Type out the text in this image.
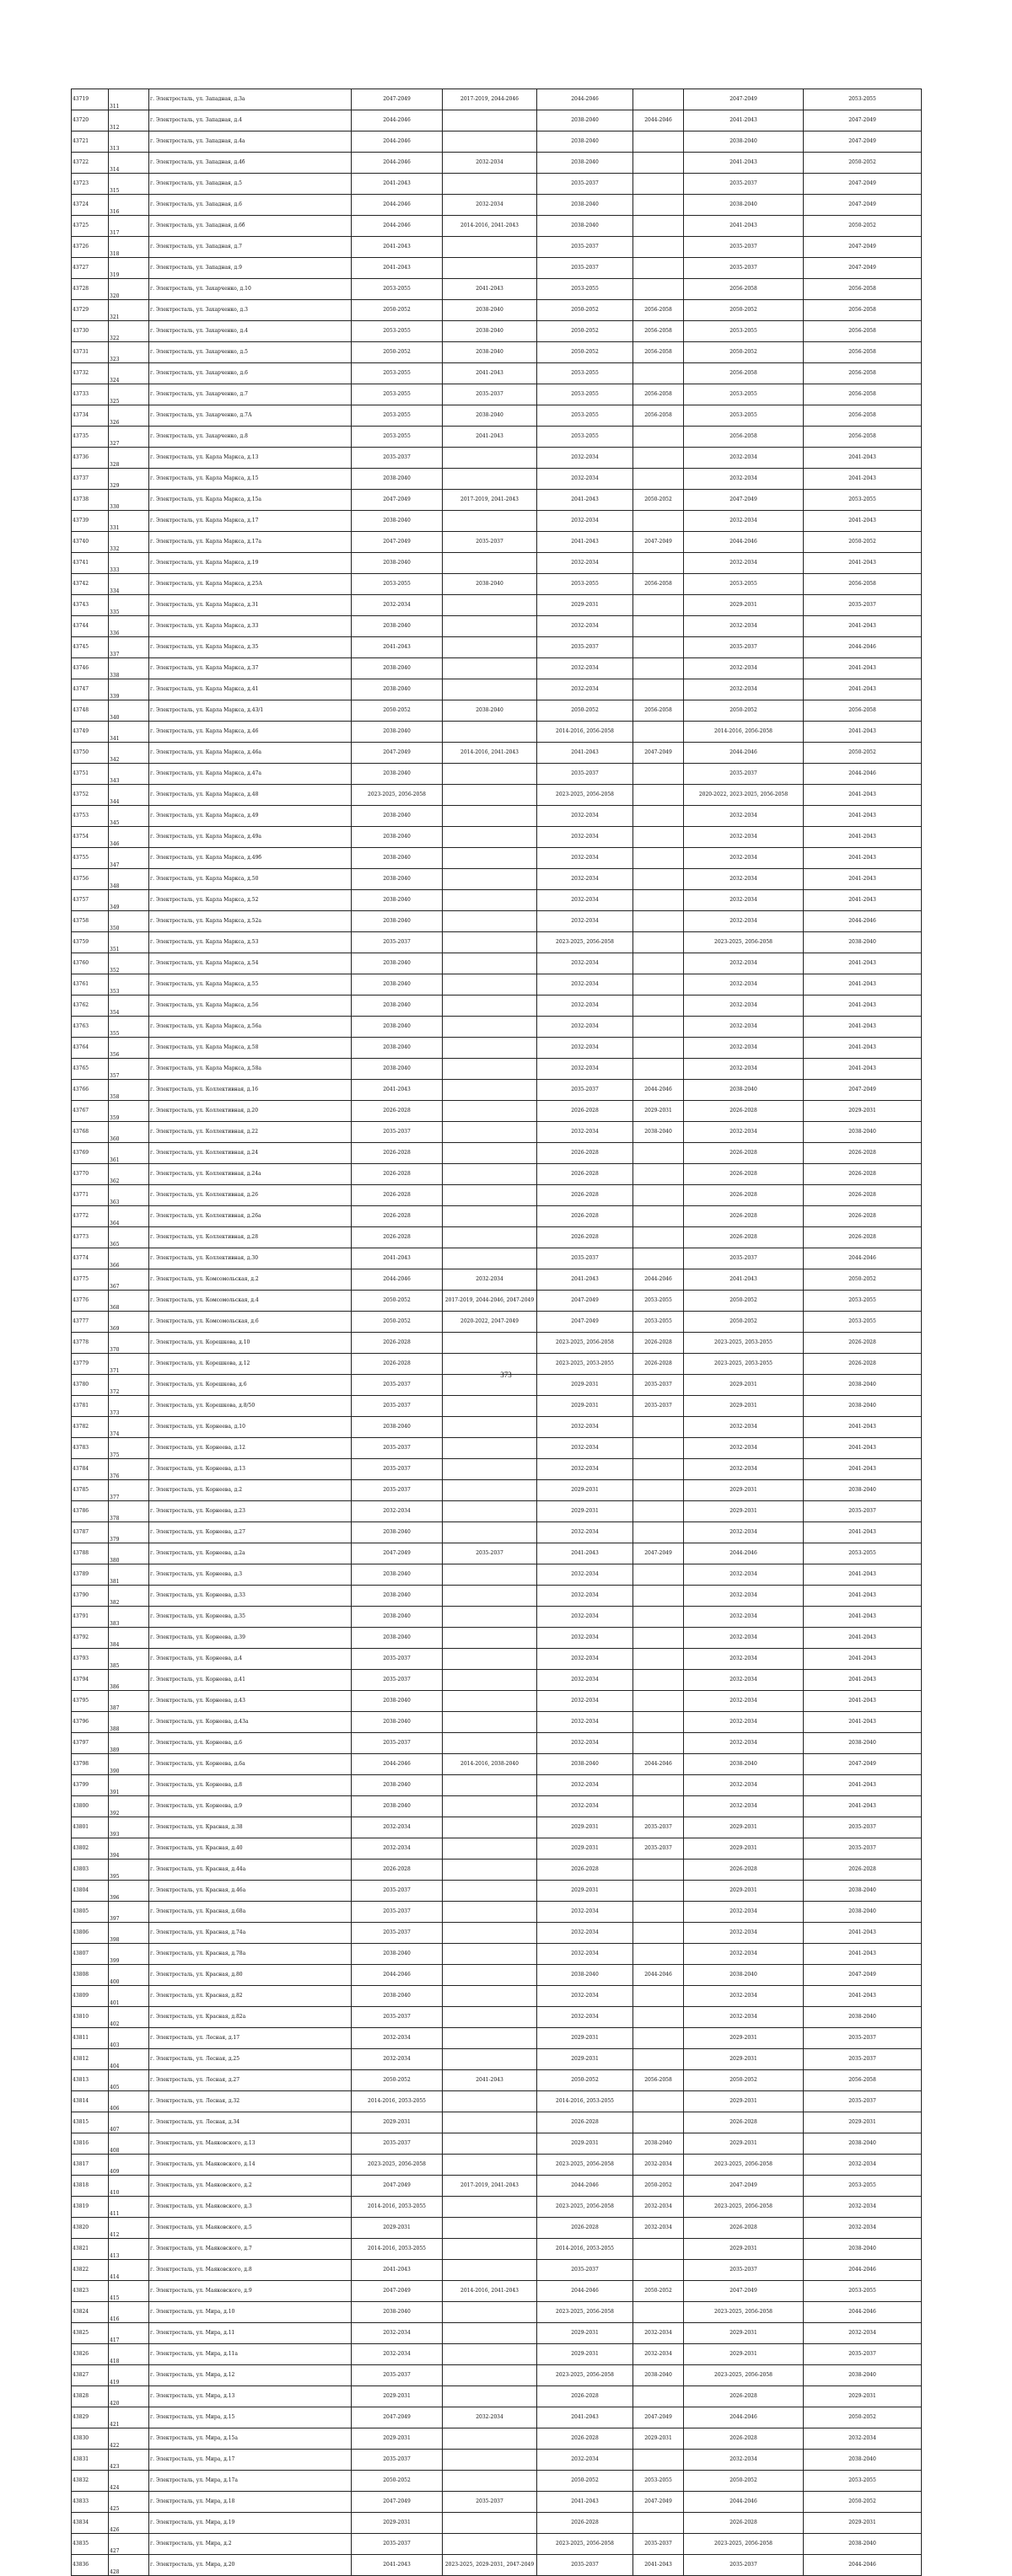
43719	311	г. Электросталь, ул. Западная, д.3а	2047-2049	2017-2019, 2044-2046	2044-2046		2047-2049	2053-2055
43720	312	г. Электросталь, ул. Западная, д.4	2044-2046		2038-2040	2044-2046	2041-2043	2047-2049
43721	313	г. Электросталь, ул. Западная, д.4а	2044-2046		2038-2040		2038-2040	2047-2049
43722	314	г. Электросталь, ул. Западная, д.4б	2044-2046	2032-2034	2038-2040		2041-2043	2050-2052
43723	315	г. Электросталь, ул. Западная, д.5	2041-2043		2035-2037		2035-2037	2047-2049
43724	316	г. Электросталь, ул. Западная, д.6	2044-2046	2032-2034	2038-2040		2038-2040	2047-2049
43725	317	г. Электросталь, ул. Западная, д.6б	2044-2046	2014-2016, 2041-2043	2038-2040		2041-2043	2050-2052
43726	318	г. Электросталь, ул. Западная, д.7	2041-2043		2035-2037		2035-2037	2047-2049
43727	319	г. Электросталь, ул. Западная, д.9	2041-2043		2035-2037		2035-2037	2047-2049
43728	320	г. Электросталь, ул. Захарченко, д.10	2053-2055	2041-2043	2053-2055		2056-2058	2056-2058
43729	321	г. Электросталь, ул. Захарченко, д.3	2050-2052	2038-2040	2050-2052	2056-2058	2050-2052	2056-2058
43730	322	г. Электросталь, ул. Захарченко, д.4	2053-2055	2038-2040	2050-2052	2056-2058	2053-2055	2056-2058
43731	323	г. Электросталь, ул. Захарченко, д.5	2050-2052	2038-2040	2050-2052	2056-2058	2050-2052	2056-2058
43732	324	г. Электросталь, ул. Захарченко, д.6	2053-2055	2041-2043	2053-2055		2056-2058	2056-2058
43733	325	г. Электросталь, ул. Захарченко, д.7	2053-2055	2035-2037	2053-2055	2056-2058	2053-2055	2056-2058
43734	326	г. Электросталь, ул. Захарченко, д.7А	2053-2055	2038-2040	2053-2055	2056-2058	2053-2055	2056-2058
43735	327	г. Электросталь, ул. Захарченко, д.8	2053-2055	2041-2043	2053-2055		2056-2058	2056-2058
43736	328	г. Электросталь, ул. Карла Маркса, д.13	2035-2037		2032-2034		2032-2034	2041-2043
43737	329	г. Электросталь, ул. Карла Маркса, д.15	2038-2040		2032-2034		2032-2034	2041-2043
43738	330	г. Электросталь, ул. Карла Маркса, д.15а	2047-2049	2017-2019, 2041-2043	2041-2043	2050-2052	2047-2049	2053-2055
43739	331	г. Электросталь, ул. Карла Маркса, д.17	2038-2040		2032-2034		2032-2034	2041-2043
43740	332	г. Электросталь, ул. Карла Маркса, д.17а	2047-2049	2035-2037	2041-2043	2047-2049	2044-2046	2050-2052
43741	333	г. Электросталь, ул. Карла Маркса, д.19	2038-2040		2032-2034		2032-2034	2041-2043
43742	334	г. Электросталь, ул. Карла Маркса, д.25А	2053-2055	2038-2040	2053-2055	2056-2058	2053-2055	2056-2058
43743	335	г. Электросталь, ул. Карла Маркса, д.31	2032-2034		2029-2031		2029-2031	2035-2037
43744	336	г. Электросталь, ул. Карла Маркса, д.33	2038-2040		2032-2034		2032-2034	2041-2043
43745	337	г. Электросталь, ул. Карла Маркса, д.35	2041-2043		2035-2037		2035-2037	2044-2046
43746	338	г. Электросталь, ул. Карла Маркса, д.37	2038-2040		2032-2034		2032-2034	2041-2043
43747	339	г. Электросталь, ул. Карла Маркса, д.41	2038-2040		2032-2034		2032-2034	2041-2043
43748	340	г. Электросталь, ул. Карла Маркса, д.43/1	2050-2052	2038-2040	2050-2052	2056-2058	2050-2052	2056-2058
43749	341	г. Электросталь, ул. Карла Маркса, д.46	2038-2040		2014-2016, 2056-2058		2014-2016, 2056-2058	2041-2043
43750	342	г. Электросталь, ул. Карла Маркса, д.46а	2047-2049	2014-2016, 2041-2043	2041-2043	2047-2049	2044-2046	2050-2052
43751	343	г. Электросталь, ул. Карла Маркса, д.47а	2038-2040		2035-2037		2035-2037	2044-2046
43752	344	г. Электросталь, ул. Карла Маркса, д.48	2023-2025, 2056-2058		2023-2025, 2056-2058		2020-2022, 2023-2025, 2056-2058	2041-2043
43753	345	г. Электросталь, ул. Карла Маркса, д.49	2038-2040		2032-2034		2032-2034	2041-2043
43754	346	г. Электросталь, ул. Карла Маркса, д.49а	2038-2040		2032-2034		2032-2034	2041-2043
43755	347	г. Электросталь, ул. Карла Маркса, д.49б	2038-2040		2032-2034		2032-2034	2041-2043
43756	348	г. Электросталь, ул. Карла Маркса, д.50	2038-2040		2032-2034		2032-2034	2041-2043
43757	349	г. Электросталь, ул. Карла Маркса, д.52	2038-2040		2032-2034		2032-2034	2041-2043
43758	350	г. Электросталь, ул. Карла Маркса, д.52а	2038-2040		2032-2034		2032-2034	2044-2046
43759	351	г. Электросталь, ул. Карла Маркса, д.53	2035-2037		2023-2025, 2056-2058		2023-2025, 2056-2058	2038-2040
43760	352	г. Электросталь, ул. Карла Маркса, д.54	2038-2040		2032-2034		2032-2034	2041-2043
43761	353	г. Электросталь, ул. Карла Маркса, д.55	2038-2040		2032-2034		2032-2034	2041-2043
43762	354	г. Электросталь, ул. Карла Маркса, д.56	2038-2040		2032-2034		2032-2034	2041-2043
43763	355	г. Электросталь, ул. Карла Маркса, д.56а	2038-2040		2032-2034		2032-2034	2041-2043
43764	356	г. Электросталь, ул. Карла Маркса, д.58	2038-2040		2032-2034		2032-2034	2041-2043
43765	357	г. Электросталь, ул. Карла Маркса, д.58а	2038-2040		2032-2034		2032-2034	2041-2043
43766	358	г. Электросталь, ул. Коллективная, д.16	2041-2043		2035-2037	2044-2046	2038-2040	2047-2049
43767	359	г. Электросталь, ул. Коллективная, д.20	2026-2028		2026-2028	2029-2031	2026-2028	2029-2031
43768	360	г. Электросталь, ул. Коллективная, д.22	2035-2037		2032-2034	2038-2040	2032-2034	2038-2040
43769	361	г. Электросталь, ул. Коллективная, д.24	2026-2028		2026-2028		2026-2028	2026-2028
43770	362	г. Электросталь, ул. Коллективная, д.24а	2026-2028		2026-2028		2026-2028	2026-2028
43771	363	г. Электросталь, ул. Коллективная, д.26	2026-2028		2026-2028		2026-2028	2026-2028
43772	364	г. Электросталь, ул. Коллективная, д.26а	2026-2028		2026-2028		2026-2028	2026-2028
43773	365	г. Электросталь, ул. Коллективная, д.28	2026-2028		2026-2028		2026-2028	2026-2028
43774	366	г. Электросталь, ул. Коллективная, д.30	2041-2043		2035-2037		2035-2037	2044-2046
43775	367	г. Электросталь, ул. Комсомольская, д.2	2044-2046	2032-2034	2041-2043	2044-2046	2041-2043	2050-2052
43776	368	г. Электросталь, ул. Комсомольская, д.4	2050-2052	2017-2019, 2044-2046, 2047-2049	2047-2049	2053-2055	2050-2052	2053-2055
43777	369	г. Электросталь, ул. Комсомольская, д.6	2050-2052	2020-2022, 2047-2049	2047-2049	2053-2055	2050-2052	2053-2055
43778	370	г. Электросталь, ул. Корешкова, д.10	2026-2028		2023-2025, 2056-2058	2026-2028	2023-2025, 2053-2055	2026-2028
43779	371	г. Электросталь, ул. Корешкова, д.12	2026-2028		2023-2025, 2053-2055	2026-2028	2023-2025, 2053-2055	2026-2028
43780	372	г. Электросталь, ул. Корешкова, д.6	2035-2037		2029-2031	2035-2037	2029-2031	2038-2040
43781	373	г. Электросталь, ул. Корешкова, д.8/50	2035-2037		2029-2031	2035-2037	2029-2031	2038-2040
43782	374	г. Электросталь, ул. Корнеева, д.10	2038-2040		2032-2034		2032-2034	2041-2043
43783	375	г. Электросталь, ул. Корнеева, д.12	2035-2037		2032-2034		2032-2034	2041-2043
43784	376	г. Электросталь, ул. Корнеева, д.13	2035-2037		2032-2034		2032-2034	2041-2043
43785	377	г. Электросталь, ул. Корнеева, д.2	2035-2037		2029-2031		2029-2031	2038-2040
43786	378	г. Электросталь, ул. Корнеева, д.23	2032-2034		2029-2031		2029-2031	2035-2037
43787	379	г. Электросталь, ул. Корнеева, д.27	2038-2040		2032-2034		2032-2034	2041-2043
43788	380	г. Электросталь, ул. Корнеева, д.2а	2047-2049	2035-2037	2041-2043	2047-2049	2044-2046	2053-2055
43789	381	г. Электросталь, ул. Корнеева, д.3	2038-2040		2032-2034		2032-2034	2041-2043
43790	382	г. Электросталь, ул. Корнеева, д.33	2038-2040		2032-2034		2032-2034	2041-2043
43791	383	г. Электросталь, ул. Корнеева, д.35	2038-2040		2032-2034		2032-2034	2041-2043
43792	384	г. Электросталь, ул. Корнеева, д.39	2038-2040		2032-2034		2032-2034	2041-2043
43793	385	г. Электросталь, ул. Корнеева, д.4	2035-2037		2032-2034		2032-2034	2041-2043
43794	386	г. Электросталь, ул. Корнеева, д.41	2035-2037		2032-2034		2032-2034	2041-2043
43795	387	г. Электросталь, ул. Корнеева, д.43	2038-2040		2032-2034		2032-2034	2041-2043
43796	388	г. Электросталь, ул. Корнеева, д.43а	2038-2040		2032-2034		2032-2034	2041-2043
43797	389	г. Электросталь, ул. Корнеева, д.6	2035-2037		2032-2034		2032-2034	2038-2040
43798	390	г. Электросталь, ул. Корнеева, д.6а	2044-2046	2014-2016, 2038-2040	2038-2040	2044-2046	2038-2040	2047-2049
43799	391	г. Электросталь, ул. Корнеева, д.8	2038-2040		2032-2034		2032-2034	2041-2043
43800	392	г. Электросталь, ул. Корнеева, д.9	2038-2040		2032-2034		2032-2034	2041-2043
43801	393	г. Электросталь, ул. Красная, д.38	2032-2034		2029-2031	2035-2037	2029-2031	2035-2037
43802	394	г. Электросталь, ул. Красная, д.40	2032-2034		2029-2031	2035-2037	2029-2031	2035-2037
43803	395	г. Электросталь, ул. Красная, д.44а	2026-2028		2026-2028		2026-2028	2026-2028
43804	396	г. Электросталь, ул. Красная, д.46а	2035-2037		2029-2031		2029-2031	2038-2040
43805	397	г. Электросталь, ул. Красная, д.68а	2035-2037		2032-2034		2032-2034	2038-2040
43806	398	г. Электросталь, ул. Красная, д.74а	2035-2037		2032-2034		2032-2034	2041-2043
43807	399	г. Электросталь, ул. Красная, д.78а	2038-2040		2032-2034		2032-2034	2041-2043
43808	400	г. Электросталь, ул. Красная, д.80	2044-2046		2038-2040	2044-2046	2038-2040	2047-2049
43809	401	г. Электросталь, ул. Красная, д.82	2038-2040		2032-2034		2032-2034	2041-2043
43810	402	г. Электросталь, ул. Красная, д.82а	2035-2037		2032-2034		2032-2034	2038-2040
43811	403	г. Электросталь, ул. Лесная, д.17	2032-2034		2029-2031		2029-2031	2035-2037
43812	404	г. Электросталь, ул. Лесная, д.25	2032-2034		2029-2031		2029-2031	2035-2037
43813	405	г. Электросталь, ул. Лесная, д.27	2050-2052	2041-2043	2050-2052	2056-2058	2050-2052	2056-2058
43814	406	г. Электросталь, ул. Лесная, д.32	2014-2016, 2053-2055		2014-2016, 2053-2055		2029-2031	2035-2037
43815	407	г. Электросталь, ул. Лесная, д.34	2029-2031		2026-2028		2026-2028	2029-2031
43816	408	г. Электросталь, ул. Маяковского, д.13	2035-2037		2029-2031	2038-2040	2029-2031	2038-2040
43817	409	г. Электросталь, ул. Маяковского, д.14	2023-2025, 2056-2058		2023-2025, 2056-2058	2032-2034	2023-2025, 2056-2058	2032-2034
43818	410	г. Электросталь, ул. Маяковского, д.2	2047-2049	2017-2019, 2041-2043	2044-2046	2050-2052	2047-2049	2053-2055
43819	411	г. Электросталь, ул. Маяковского, д.3	2014-2016, 2053-2055		2023-2025, 2056-2058	2032-2034	2023-2025, 2056-2058	2032-2034
43820	412	г. Электросталь, ул. Маяковского, д.5	2029-2031		2026-2028	2032-2034	2026-2028	2032-2034
43821	413	г. Электросталь, ул. Маяковского, д.7	2014-2016, 2053-2055		2014-2016, 2053-2055		2029-2031	2038-2040
43822	414	г. Электросталь, ул. Маяковского, д.8	2041-2043		2035-2037		2035-2037	2044-2046
43823	415	г. Электросталь, ул. Маяковского, д.9	2047-2049	2014-2016, 2041-2043	2044-2046	2050-2052	2047-2049	2053-2055
43824	416	г. Электросталь, ул. Мира, д.10	2038-2040		2023-2025, 2056-2058		2023-2025, 2056-2058	2044-2046
43825	417	г. Электросталь, ул. Мира, д.11	2032-2034		2029-2031	2032-2034	2029-2031	2032-2034
43826	418	г. Электросталь, ул. Мира, д.11а	2032-2034		2029-2031	2032-2034	2029-2031	2035-2037
43827	419	г. Электросталь, ул. Мира, д.12	2035-2037		2023-2025, 2056-2058	2038-2040	2023-2025, 2056-2058	2038-2040
43828	420	г. Электросталь, ул. Мира, д.13	2029-2031		2026-2028		2026-2028	2029-2031
43829	421	г. Электросталь, ул. Мира, д.15	2047-2049	2032-2034	2041-2043	2047-2049	2044-2046	2050-2052
43830	422	г. Электросталь, ул. Мира, д.15а	2029-2031		2026-2028	2029-2031	2026-2028	2032-2034
43831	423	г. Электросталь, ул. Мира, д.17	2035-2037		2032-2034		2032-2034	2038-2040
43832	424	г. Электросталь, ул. Мира, д.17а	2050-2052		2050-2052	2053-2055	2050-2052	2053-2055
43833	425	г. Электросталь, ул. Мира, д.18	2047-2049	2035-2037	2041-2043	2047-2049	2044-2046	2050-2052
43834	426	г. Электросталь, ул. Мира, д.19	2029-2031		2026-2028		2026-2028	2029-2031
43835	427	г. Электросталь, ул. Мира, д.2	2035-2037		2023-2025, 2056-2058	2035-2037	2023-2025, 2056-2058	2038-2040
43836	428	г. Электросталь, ул. Мира, д.20	2041-2043	2023-2025, 2029-2031, 2047-2049	2035-2037	2041-2043	2035-2037	2044-2046
373
